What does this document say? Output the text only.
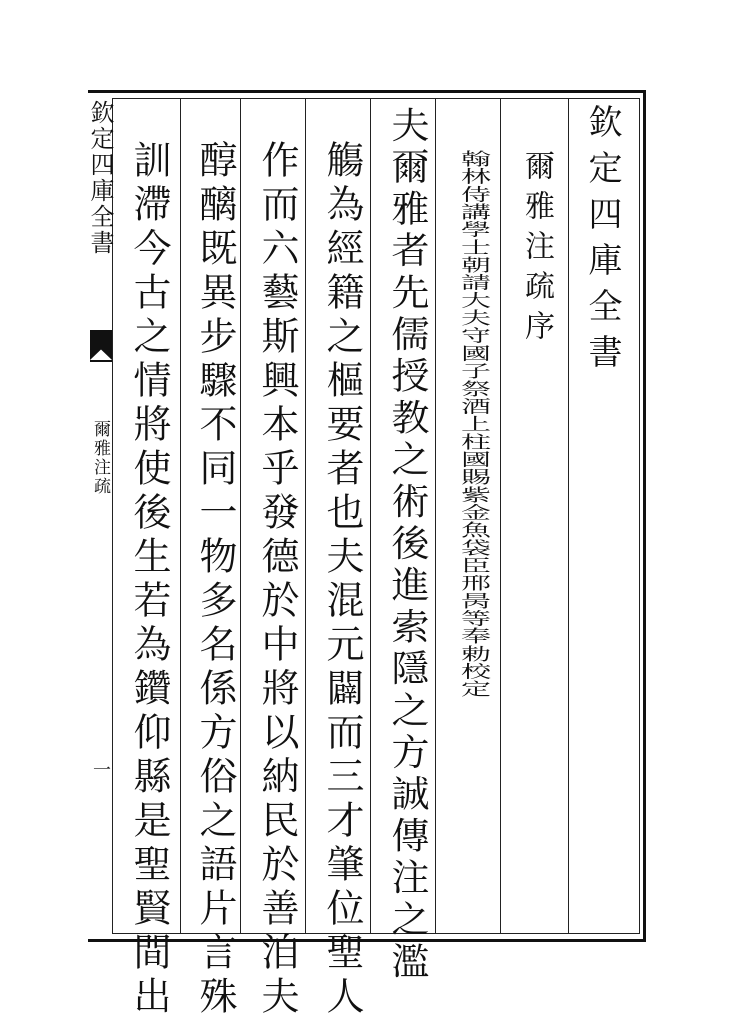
欽定四庫全書
爾雅注疏
一
欽定四庫全書
爾雅注疏序
翰林侍講學士朝請大夫守國子祭酒上柱國賜紫金魚袋臣邢昺等奉勅校定
夫爾雅者先儒授教之術後進索隱之方誠傳注之濫
觴為經籍之樞要者也夫混元闢而三才肇位聖人
作而六藝斯興本乎發德於中將以納民於善洎夫
醇醨既異步驟不同一物多名係方俗之語片言殊
訓滯今古之情將使後生若為鑽仰縣是聖賢間出
